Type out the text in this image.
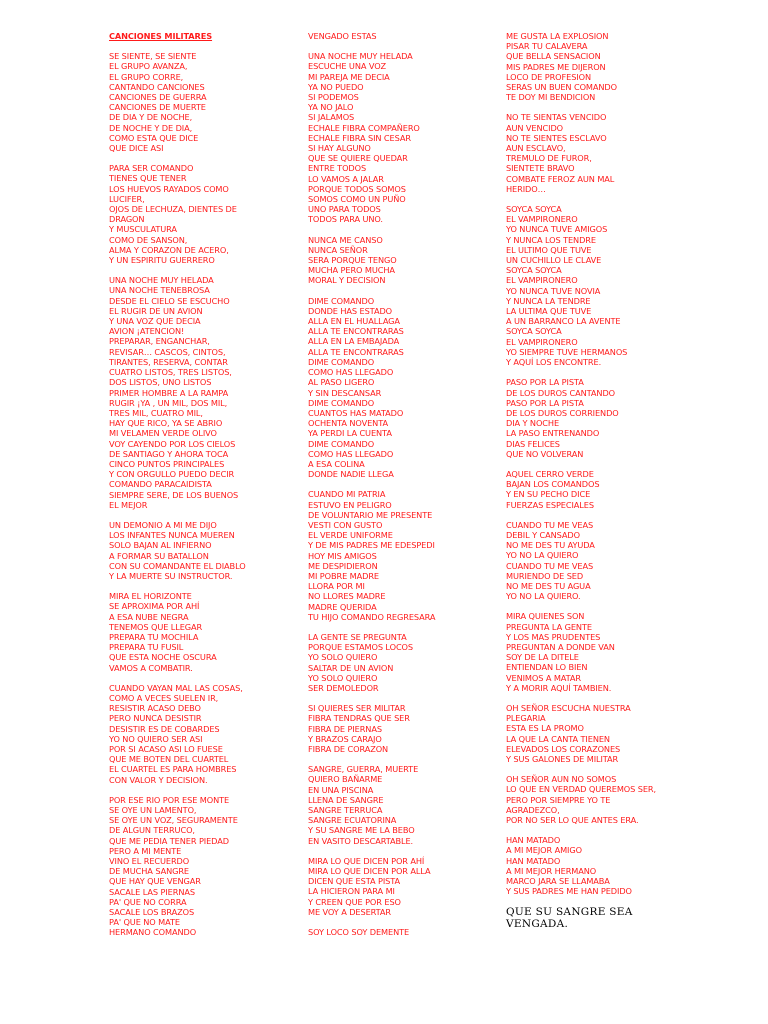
CANCIONES MILITARES
SE SIENTE, SE SIENTE
EL GRUPO AVANZA,
EL GRUPO CORRE,
CANTANDO CANCIONES
CANCIONES DE GUERRA
CANCIONES DE MUERTE
DE DIA Y DE NOCHE,
DE NOCHE Y DE DIA,
COMO ESTA QUE DICE
QUE DICE ASI
PARA SER COMANDO
TIENES QUE TENER
LOS HUEVOS RAYADOS COMO
LUCIFER,
OJOS DE LECHUZA, DIENTES DE
DRAGON
Y MUSCULATURA
COMO DE SANSON,
ALMA Y CORAZON DE ACERO,
Y UN ESPIRITU GUERRERO
UNA NOCHE MUY HELADA
UNA NOCHE TENEBROSA
DESDE EL CIELO SE ESCUCHO
EL RUGIR DE UN AVION
Y UNA VOZ QUE DECIA
AVION ¡ATENCION!
PREPARAR, ENGANCHAR,
REVISAR… CASCOS, CINTOS,
TIRANTES, RESERVA, CONTAR
CUATRO LISTOS, TRES LISTOS,
DOS LISTOS, UNO LISTOS
PRIMER HOMBRE A LA RAMPA
RUGIR ¡YA , UN MIL, DOS MIL,
TRES MIL, CUATRO MIL,
HAY QUE RICO, YA SE ABRIO
MI VELAMEN VERDE OLIVO
VOY CAYENDO POR LOS CIELOS
DE SANTIAGO Y AHORA TOCA
CINCO PUNTOS PRINCIPALES
Y CON ORGULLO PUEDO DECIR
COMANDO PARACAIDISTA
SIEMPRE SERE, DE LOS BUENOS
EL MEJOR
UN DEMONIO A MI ME DIJO
LOS INFANTES NUNCA MUEREN
SOLO BAJAN AL INFIERNO
A FORMAR SU BATALLON
CON SU COMANDANTE EL DIABLO
Y LA MUERTE SU INSTRUCTOR.
MIRA EL HORIZONTE
SE APROXIMA POR AHÍ
A ESA NUBE NEGRA
TENEMOS QUE LLEGAR
PREPARA TU MOCHILA
PREPARA TU FUSIL
QUE ESTA NOCHE OSCURA
VAMOS A COMBATIR.
CUANDO VAYAN MAL LAS COSAS,
COMO A VECES SUELEN IR,
RESISTIR ACASO DEBO
PERO NUNCA DESISTIR
DESISTIR ES DE COBARDES
YO NO QUIERO SER ASI
POR SI ACASO ASI LO FUESE
QUE ME BOTEN DEL CUARTEL
EL CUARTEL ES PARA HOMBRES
CON VALOR Y DECISION.
POR ESE RIO POR ESE MONTE
SE OYE UN LAMENTO,
SE OYE UN VOZ, SEGURAMENTE
DE ALGUN TERRUCO,
QUE ME PEDIA TENER PIEDAD
PERO A MI MENTE
VINO EL RECUERDO
DE MUCHA SANGRE
QUE HAY QUE VENGAR
SACALE LAS PIERNAS
PA' QUE NO CORRA
SACALE LOS BRAZOS
PA' QUE NO MATE
HERMANO COMANDO
VENGADO ESTAS
UNA NOCHE MUY HELADA
ESCUCHE UNA VOZ
MI PAREJA ME DECIA
YA NO PUEDO
SI PODEMOS
YA NO JALO
SI JALAMOS
ECHALE FIBRA COMPAÑERO
ECHALE FIBRA SIN CESAR
SI HAY ALGUNO
QUE SE QUIERE QUEDAR
ENTRE TODOS
LO VAMOS A JALAR
PORQUE TODOS SOMOS
SOMOS COMO UN PUÑO
UNO PARA TODOS
TODOS PARA UNO.
NUNCA ME CANSO
NUNCA SEÑOR
SERA PORQUE TENGO
MUCHA PERO MUCHA
MORAL Y DECISION
DIME COMANDO
DONDE HAS ESTADO
ALLA EN EL HUALLAGA
ALLA TE ENCONTRARAS
ALLA EN LA EMBAJADA
ALLA TE ENCONTRARAS
DIME COMANDO
COMO HAS LLEGADO
AL PASO LIGERO
Y SIN DESCANSAR
DIME COMANDO
CUANTOS HAS MATADO
OCHENTA NOVENTA
YA PERDI LA CUENTA
DIME COMANDO
COMO HAS LLEGADO
A ESA COLINA
DONDE NADIE LLEGA
CUANDO MI PATRIA
ESTUVO EN PELIGRO
DE VOLUNTARIO ME PRESENTE
VESTI CON GUSTO
EL VERDE UNIFORME
Y DE MIS PADRES ME EDESPEDI
HOY MIS AMIGOS
ME DESPIDIERON
MI POBRE MADRE
LLORA POR MI
NO LLORES MADRE
MADRE QUERIDA
TU HIJO COMANDO REGRESARA
LA GENTE SE PREGUNTA
PORQUE ESTAMOS LOCOS
YO SOLO QUIERO
SALTAR DE UN AVION
YO SOLO QUIERO
SER DEMOLEDOR
SI QUIERES SER MILITAR
FIBRA TENDRAS QUE SER
FIBRA DE PIERNAS
Y BRAZOS CARAJO
FIBRA DE CORAZON
SANGRE, GUERRA, MUERTE
QUIERO BAÑARME
EN UNA PISCINA
LLENA DE SANGRE
SANGRE TERRUCA
SANGRE ECUATORINA
Y SU SANGRE ME LA BEBO
EN VASITO DESCARTABLE.
MIRA LO QUE DICEN POR AHÍ
MIRA LO QUE DICEN POR ALLA
DICEN QUE ESTA PISTA
LA HICIERON PARA MI
Y CREEN QUE POR ESO
ME VOY A DESERTAR
SOY LOCO SOY DEMENTE
ME GUSTA LA EXPLOSION
PISAR TU CALAVERA
QUE BELLA SENSACION
MIS PADRES ME DIJERON
LOCO DE PROFESION
SERAS UN BUEN COMANDO
TE DOY MI BENDICION
NO TE SIENTAS VENCIDO
AUN VENCIDO
NO TE SIENTES ESCLAVO
AUN ESCLAVO,
TREMULO DE FUROR,
SIENTETE BRAVO
COMBATE FEROZ AUN MAL
HERIDO…
SOYCA SOYCA
EL VAMPIRONERO
YO NUNCA TUVE AMIGOS
Y NUNCA LOS TENDRE
EL ULTIMO QUE TUVE
UN CUCHILLO LE CLAVE
SOYCA SOYCA
EL VAMPIRONERO
YO NUNCA TUVE NOVIA
Y NUNCA LA TENDRE
LA ULTIMA QUE TUVE
A UN BARRANCO LA AVENTE
SOYCA SOYCA
EL VAMPIRONERO
YO SIEMPRE TUVE HERMANOS
Y AQUÍ LOS ENCONTRE.
PASO POR LA PISTA
DE LOS DUROS CANTANDO
PASO POR LA PISTA
DE LOS DUROS CORRIENDO
DIA Y NOCHE
LA PASO ENTRENANDO
DIAS FELICES
QUE NO VOLVERAN
AQUEL CERRO VERDE
BAJAN LOS COMANDOS
Y EN SU PECHO DICE
FUERZAS ESPECIALES
CUANDO TU ME VEAS
DEBIL Y CANSADO
NO ME DES TU AYUDA
YO NO LA QUIERO
CUANDO TU ME VEAS
MURIENDO DE SED
NO ME DES TU AGUA
YO NO LA QUIERO.
MIRA QUIENES SON
PREGUNTA LA GENTE
Y LOS MAS PRUDENTES
PREGUNTAN A DONDE VAN
SOY DE LA DITELE
ENTIENDAN LO BIEN
VENIMOS A MATAR
Y A MORIR AQUÍ TAMBIEN.
OH SEÑOR ESCUCHA NUESTRA
PLEGARIA
ESTA ES LA PROMO
LA QUE LA CANTA TIENEN
ELEVADOS LOS CORAZONES
Y SUS GALONES DE MILITAR
OH SEÑOR AUN NO SOMOS
LO QUE EN VERDAD QUEREMOS SER,
PERO POR SIEMPRE YO TE
AGRADEZCO,
POR NO SER LO QUE ANTES ERA.
HAN MATADO
A MI MEJOR AMIGO
HAN MATADO
A MI MEJOR HERMANO
MARCO JARA SE LLAMABA
Y SUS PADRES ME HAN PEDIDO
QUE SU SANGRE SEA
VENGADA.
